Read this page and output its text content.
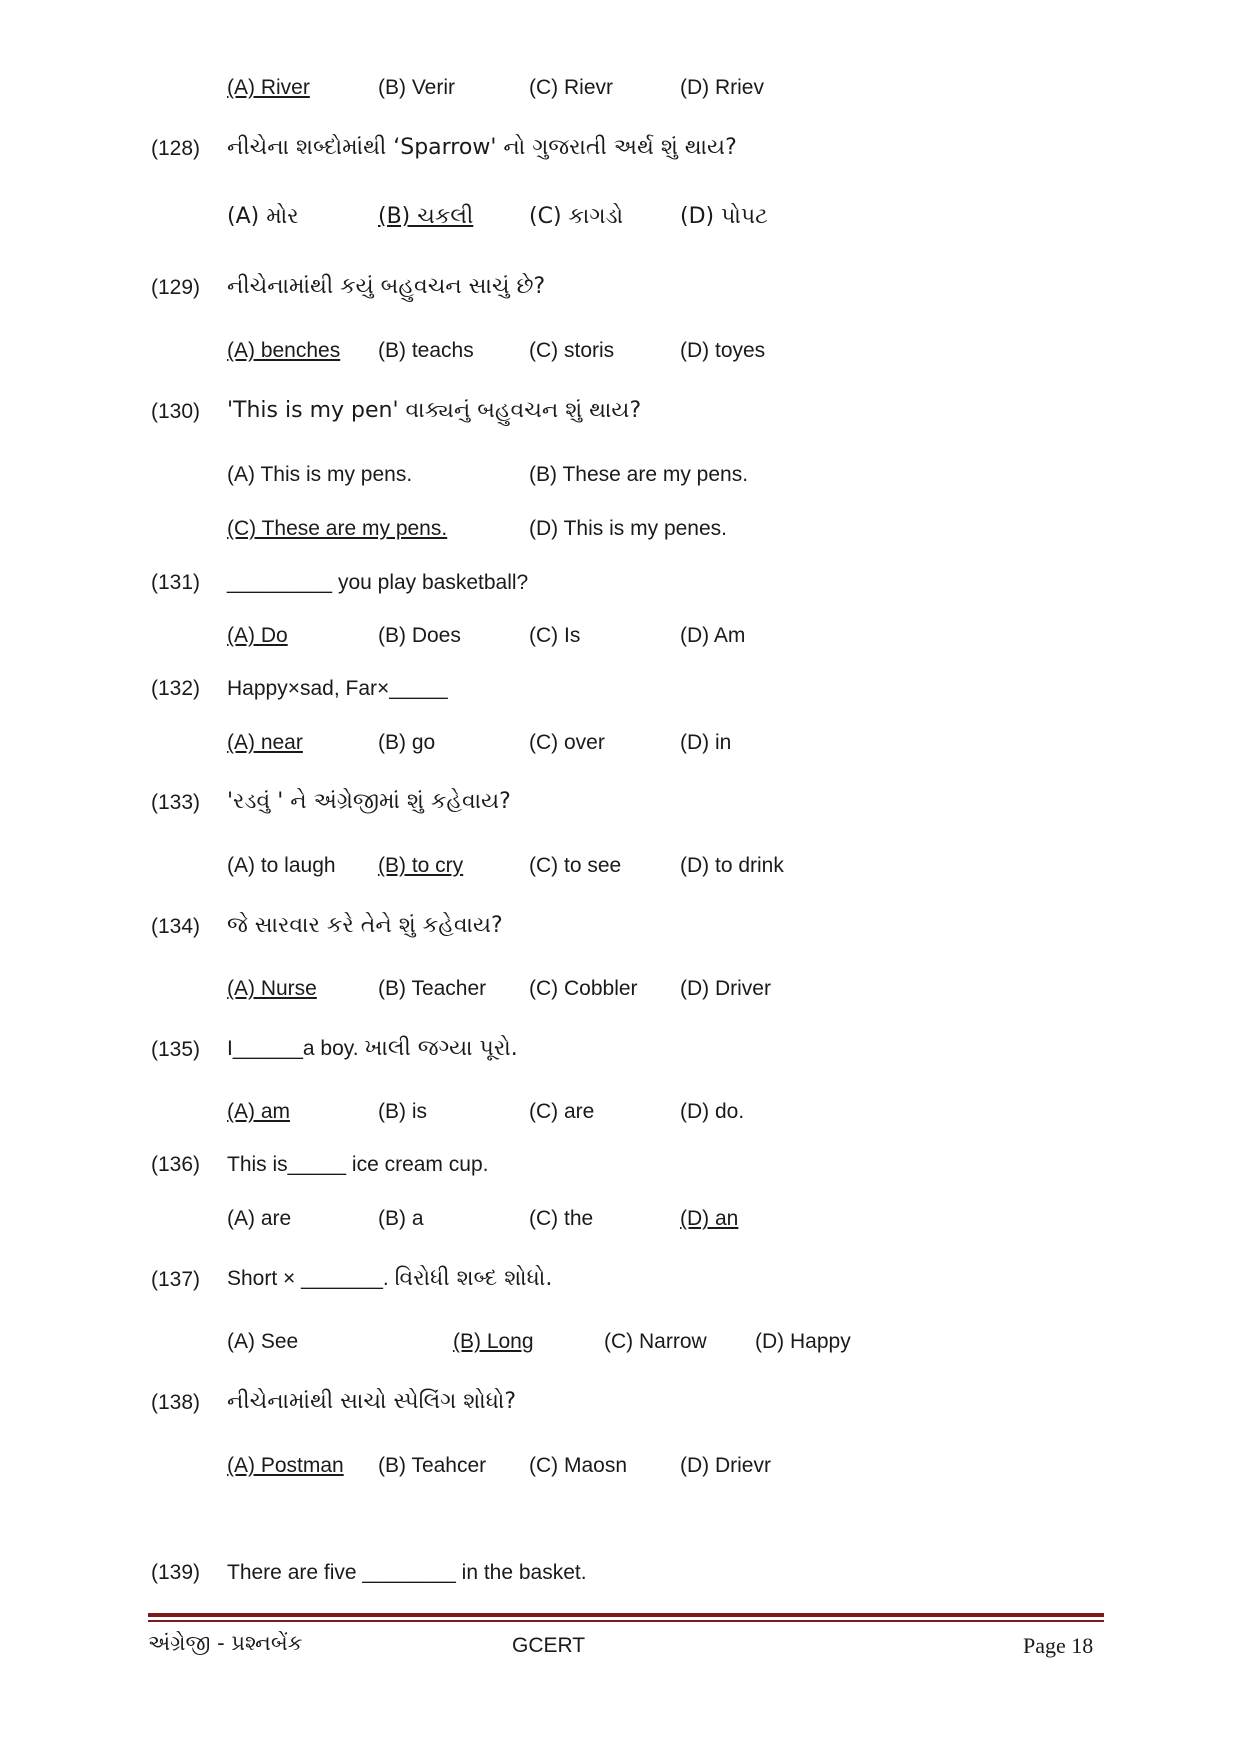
(A) River	(B) Verir	(C) Rievr	(D) Rriev
(128) નીચેના શબ્દોમાંથી ‘Sparrow' નો ગુજરાતી અર્થ શું થાય?
(A) મોર	(B) ચકલી	(C) કાગડો	(D) પોપટ
(129) નીચેનામાંથી કયું બહુવચન સાચું છે?
(A) benches (B) teachs	(C) storis	(D) toyes
(130) 'This is my pen' વાક્યનું બહુવચન શું થાય?
(A) This is my pens.	(B) These are my pens.
(C) These are my pens.	(D) This is my penes.
(131) _________ you play basketball?
(A) Do	(B) Does	(C) Is	(D) Am
(132) Happy×sad, Far×_____
(A) near	(B) go	(C) over	(D) in
(133) 'રડવું ' ને અંગ્રેજીમાં શું કહેવાય?
(A) to laugh (B) to cry	(C) to see	(D) to drink
(134) જે સારવાર કરે તેને શું કહેવાય?
(A) Nurse	(B) Teacher (C) Cobbler (D) Driver
(135) I______a boy. ખાલી જગ્યા પૂરો.
(A) am	(B) is	(C) are	(D) do.
(136) This is_____ ice cream cup.
(A) are	(B) a	(C) the	(D) an
(137) Short × _______. વિરોધી શબ્દ શોધો.
(A) See	(B) Long	(C) Narrow (D) Happy
(138) નીચેનામાંથી સાચો સ્પેલિંગ શોધો?
(A) Postman (B) Teahcer (C) Maosn	(D) Drievr
(139) There are five ________ in the basket.
અંગ્રેજી - પ્રશ્નબેંક	GCERT	Page 18
